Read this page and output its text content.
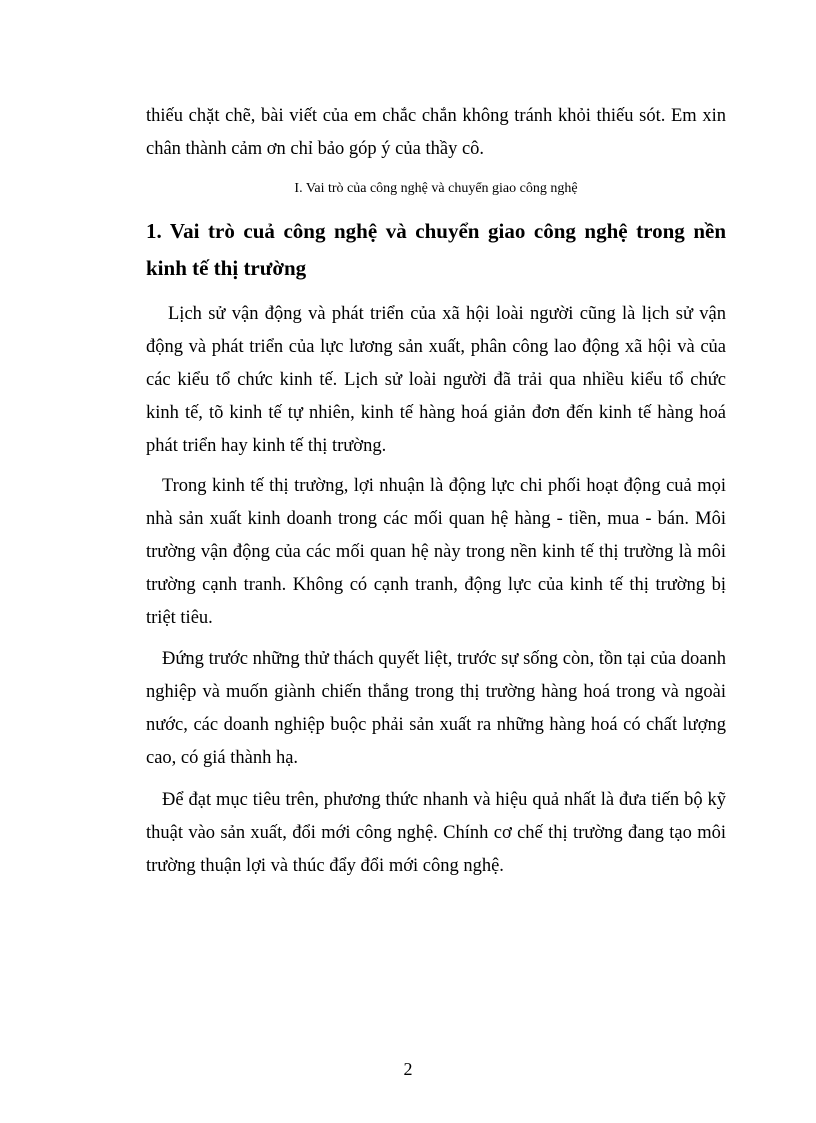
thiếu chặt chẽ, bài viết của em chắc chắn không tránh khỏi thiếu sót. Em xin chân thành cảm ơn chỉ bảo góp ý của thầy cô.
I. Vai trò của công nghệ và chuyển giao công nghệ
1. Vai trò cuả công nghệ và chuyển giao công nghệ trong nền kinh tế thị trường
Lịch sử vận động và phát triển của xã hội loài người cũng là lịch sử vận động và phát triển của lực lương sản xuất, phân công lao động xã hội và của các kiểu tổ chức kinh tế. Lịch sử loài người đã trải qua nhiều kiểu tổ chức kinh tế, tõ kinh tế tự nhiên, kinh tế hàng hoá giản đơn đến kinh tế hàng hoá phát triển hay kinh tế thị trường.
Trong kinh tế thị trường, lợi nhuận là động lực chi phối hoạt động cuả mọi nhà sản xuất kinh doanh trong các mối quan hệ hàng - tiền, mua - bán. Môi trường vận động của các mối quan hệ này trong nền kinh tế thị trường là môi trường cạnh tranh. Không có cạnh tranh, động lực của kinh tế thị trường bị triệt tiêu.
Đứng trước những thử thách quyết liệt, trước sự sống còn, tồn tại của doanh nghiệp và muốn giành chiến thắng trong thị trường hàng hoá trong và ngoài nước, các doanh nghiệp buộc phải sản xuất ra những hàng hoá có chất lượng cao, có giá thành hạ.
Để đạt mục tiêu trên, phương thức nhanh và hiệu quả nhất là đưa tiến bộ kỹ thuật vào sản xuất, đổi mới công nghệ. Chính cơ chế thị trường đang tạo môi trường thuận lợi và thúc đẩy đổi mới công nghệ.
2
